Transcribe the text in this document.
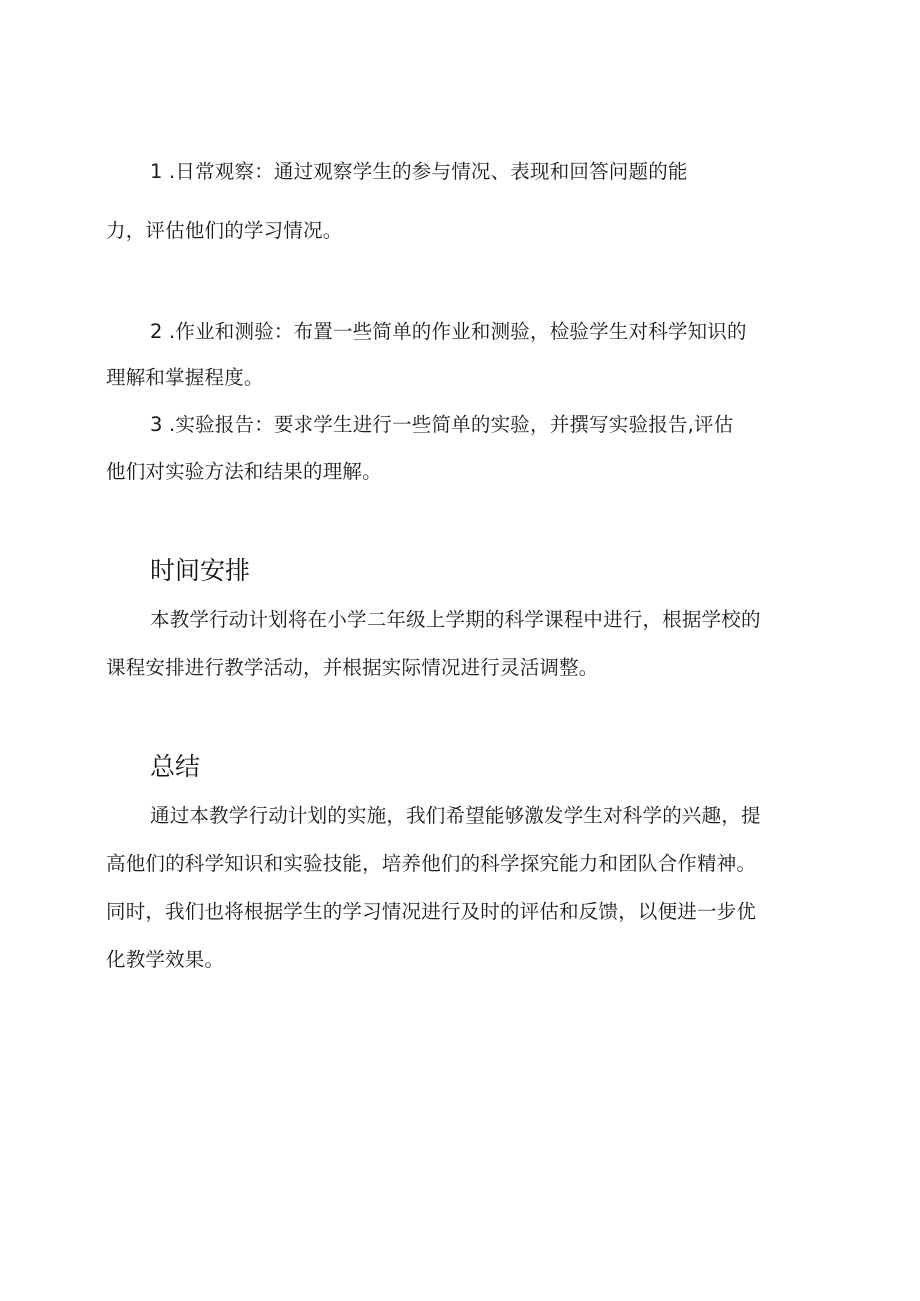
1 .日常观察：通过观察学生的参与情况、表现和回答问题的能
力，评估他们的学习情况。
2 .作业和测验：布置一些简单的作业和测验，检验学生对科学知识的
理解和掌握程度。
3 .实验报告：要求学生进行一些简单的实验，并撰写实验报告,评估
他们对实验方法和结果的理解。
时间安排
本教学行动计划将在小学二年级上学期的科学课程中进行，根据学校的
课程安排进行教学活动，并根据实际情况进行灵活调整。
总结
通过本教学行动计划的实施，我们希望能够激发学生对科学的兴趣，提
高他们的科学知识和实验技能，培养他们的科学探究能力和团队合作精神。
同时，我们也将根据学生的学习情况进行及时的评估和反馈，以便进一步优
化教学效果。
